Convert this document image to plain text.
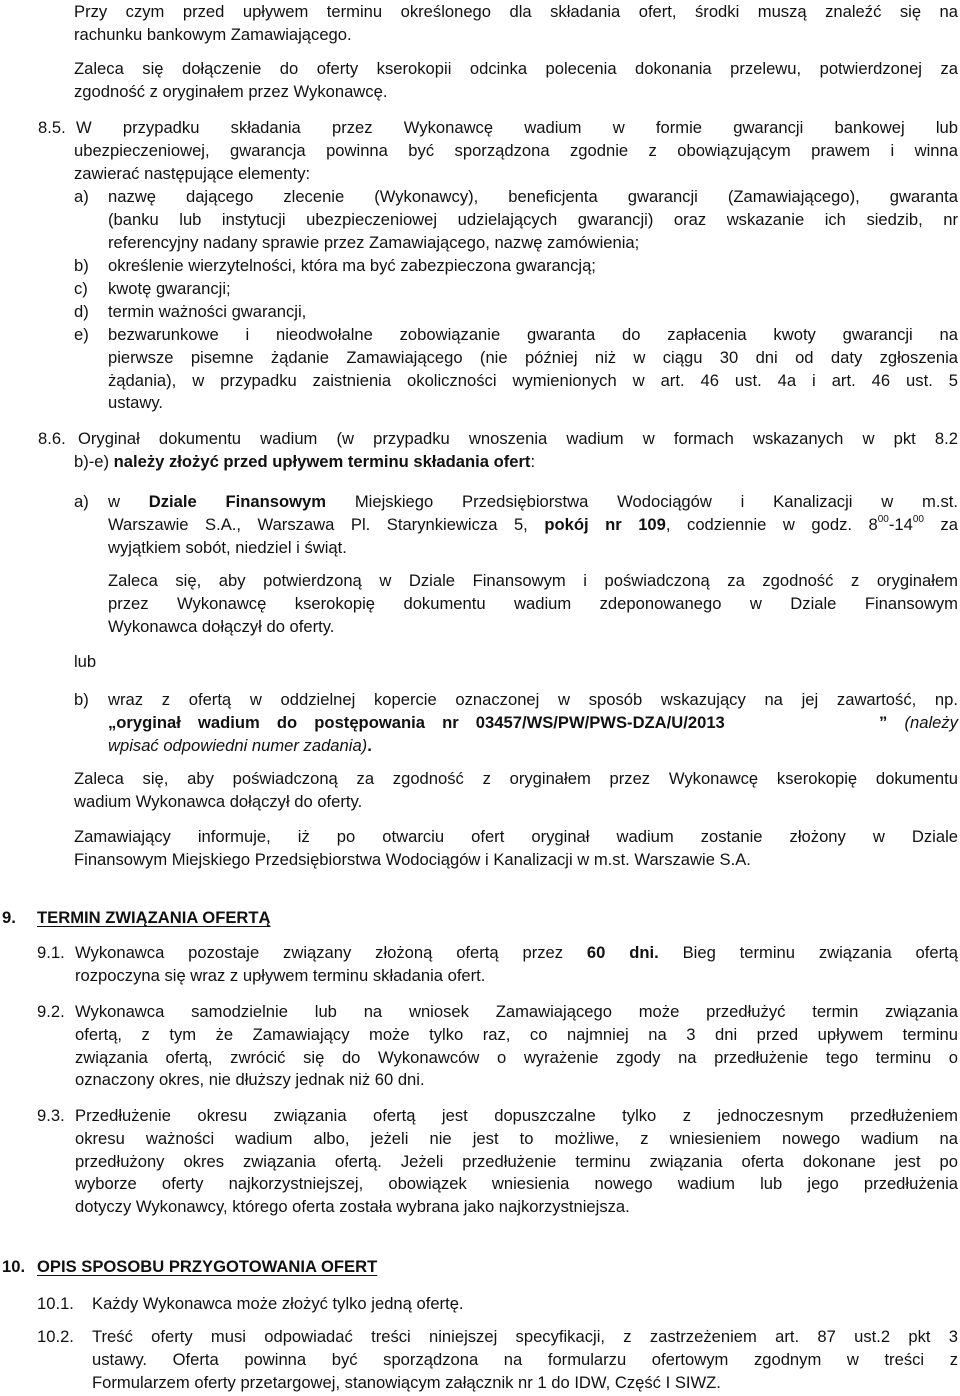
Przy czym przed upływem terminu określonego dla składania ofert, środki muszą znaleźć się na
rachunku bankowym Zamawiającego.
Zaleca się dołączenie do oferty kserokopii odcinka polecenia dokonania przelewu, potwierdzonej za
zgodność z oryginałem przez Wykonawcę.
8.5. W przypadku składania przez Wykonawcę wadium w formie gwarancji bankowej lub
ubezpieczeniowej, gwarancja powinna być sporządzona zgodnie z obowiązującym prawem i winna
zawierać następujące elementy:
a) nazwę dającego zlecenie (Wykonawcy), beneficjenta gwarancji (Zamawiającego), gwaranta
(banku lub instytucji ubezpieczeniowej udzielających gwarancji) oraz wskazanie ich siedzib, nr
referencyjny nadany sprawie przez Zamawiającego, nazwę zamówienia;
b) określenie wierzytelności, która ma być zabezpieczona gwarancją;
c) kwotę gwarancji;
d) termin ważności gwarancji,
e) bezwarunkowe i nieodwołalne zobowiązanie gwaranta do zapłacenia kwoty gwarancji na
pierwsze pisemne żądanie Zamawiającego (nie później niż w ciągu 30 dni od daty zgłoszenia
żądania), w przypadku zaistnienia okoliczności wymienionych w art. 46 ust. 4a i art. 46 ust. 5
ustawy.
8.6. Oryginał dokumentu wadium (w przypadku wnoszenia wadium w formach wskazanych w pkt 8.2
b)-e) należy złożyć przed upływem terminu składania ofert:
a) w Dziale Finansowym Miejskiego Przedsiębiorstwa Wodociągów i Kanalizacji w m.st.
Warszawie S.A., Warszawa Pl. Starynkiewicza 5, pokój nr 109, codziennie w godz. $8^{00}-14^{00}$ za
wyjątkiem sobót, niedziel i świąt.
Zaleca się, aby potwierdzoną w Dziale Finansowym i poświadczoną za zgodność z oryginałem
przez Wykonawcę kserokopię dokumentu wadium zdeponowanego w Dziale Finansowym
Wykonawca dołączył do oferty.
lub
b) wraz z ofertą w oddzielnej kopercie oznaczonej w sposób wskazujący na jej zawartość, np.
„oryginał wadium do postępowania nr 03457/WS/PW/PWS-DZA/U/2013	” (należy
wpisać odpowiedni numer zadania).
Zaleca się, aby poświadczoną za zgodność z oryginałem przez Wykonawcę kserokopię dokumentu
wadium Wykonawca dołączył do oferty.
Zamawiający informuje, iż po otwarciu ofert oryginał wadium zostanie złożony w Dziale
Finansowym Miejskiego Przedsiębiorstwa Wodociągów i Kanalizacji w m.st. Warszawie S.A.
9. TERMIN ZWIĄZANIA OFERTĄ
9.1. Wykonawca pozostaje związany złożoną ofertą przez 60 dni. Bieg terminu związania ofertą
rozpoczyna się wraz z upływem terminu składania ofert.
9.2. Wykonawca samodzielnie lub na wniosek Zamawiającego może przedłużyć termin związania
ofertą, z tym że Zamawiający może tylko raz, co najmniej na 3 dni przed upływem terminu
związania ofertą, zwrócić się do Wykonawców o wyrażenie zgody na przedłużenie tego terminu o
oznaczony okres, nie dłuższy jednak niż 60 dni.
9.3. Przedłużenie okresu związania ofertą jest dopuszczalne tylko z jednoczesnym przedłużeniem
okresu ważności wadium albo, jeżeli nie jest to możliwe, z wniesieniem nowego wadium na
przedłużony okres związania ofertą. Jeżeli przedłużenie terminu związania oferta dokonane jest po
wyborze oferty najkorzystniejszej, obowiązek wniesienia nowego wadium lub jego przedłużenia
dotyczy Wykonawcy, którego oferta została wybrana jako najkorzystniejsza.
10. OPIS SPOSOBU PRZYGOTOWANIA OFERT
10.1. Każdy Wykonawca może złożyć tylko jedną ofertę.
10.2. Treść oferty musi odpowiadać treści niniejszej specyfikacji, z zastrzeżeniem art. 87 ust.2 pkt 3
ustawy. Oferta powinna być sporządzona na formularzu ofertowym zgodnym w treści z
Formularzem oferty przetargowej, stanowiącym załącznik nr 1 do IDW, Część I SIWZ.
